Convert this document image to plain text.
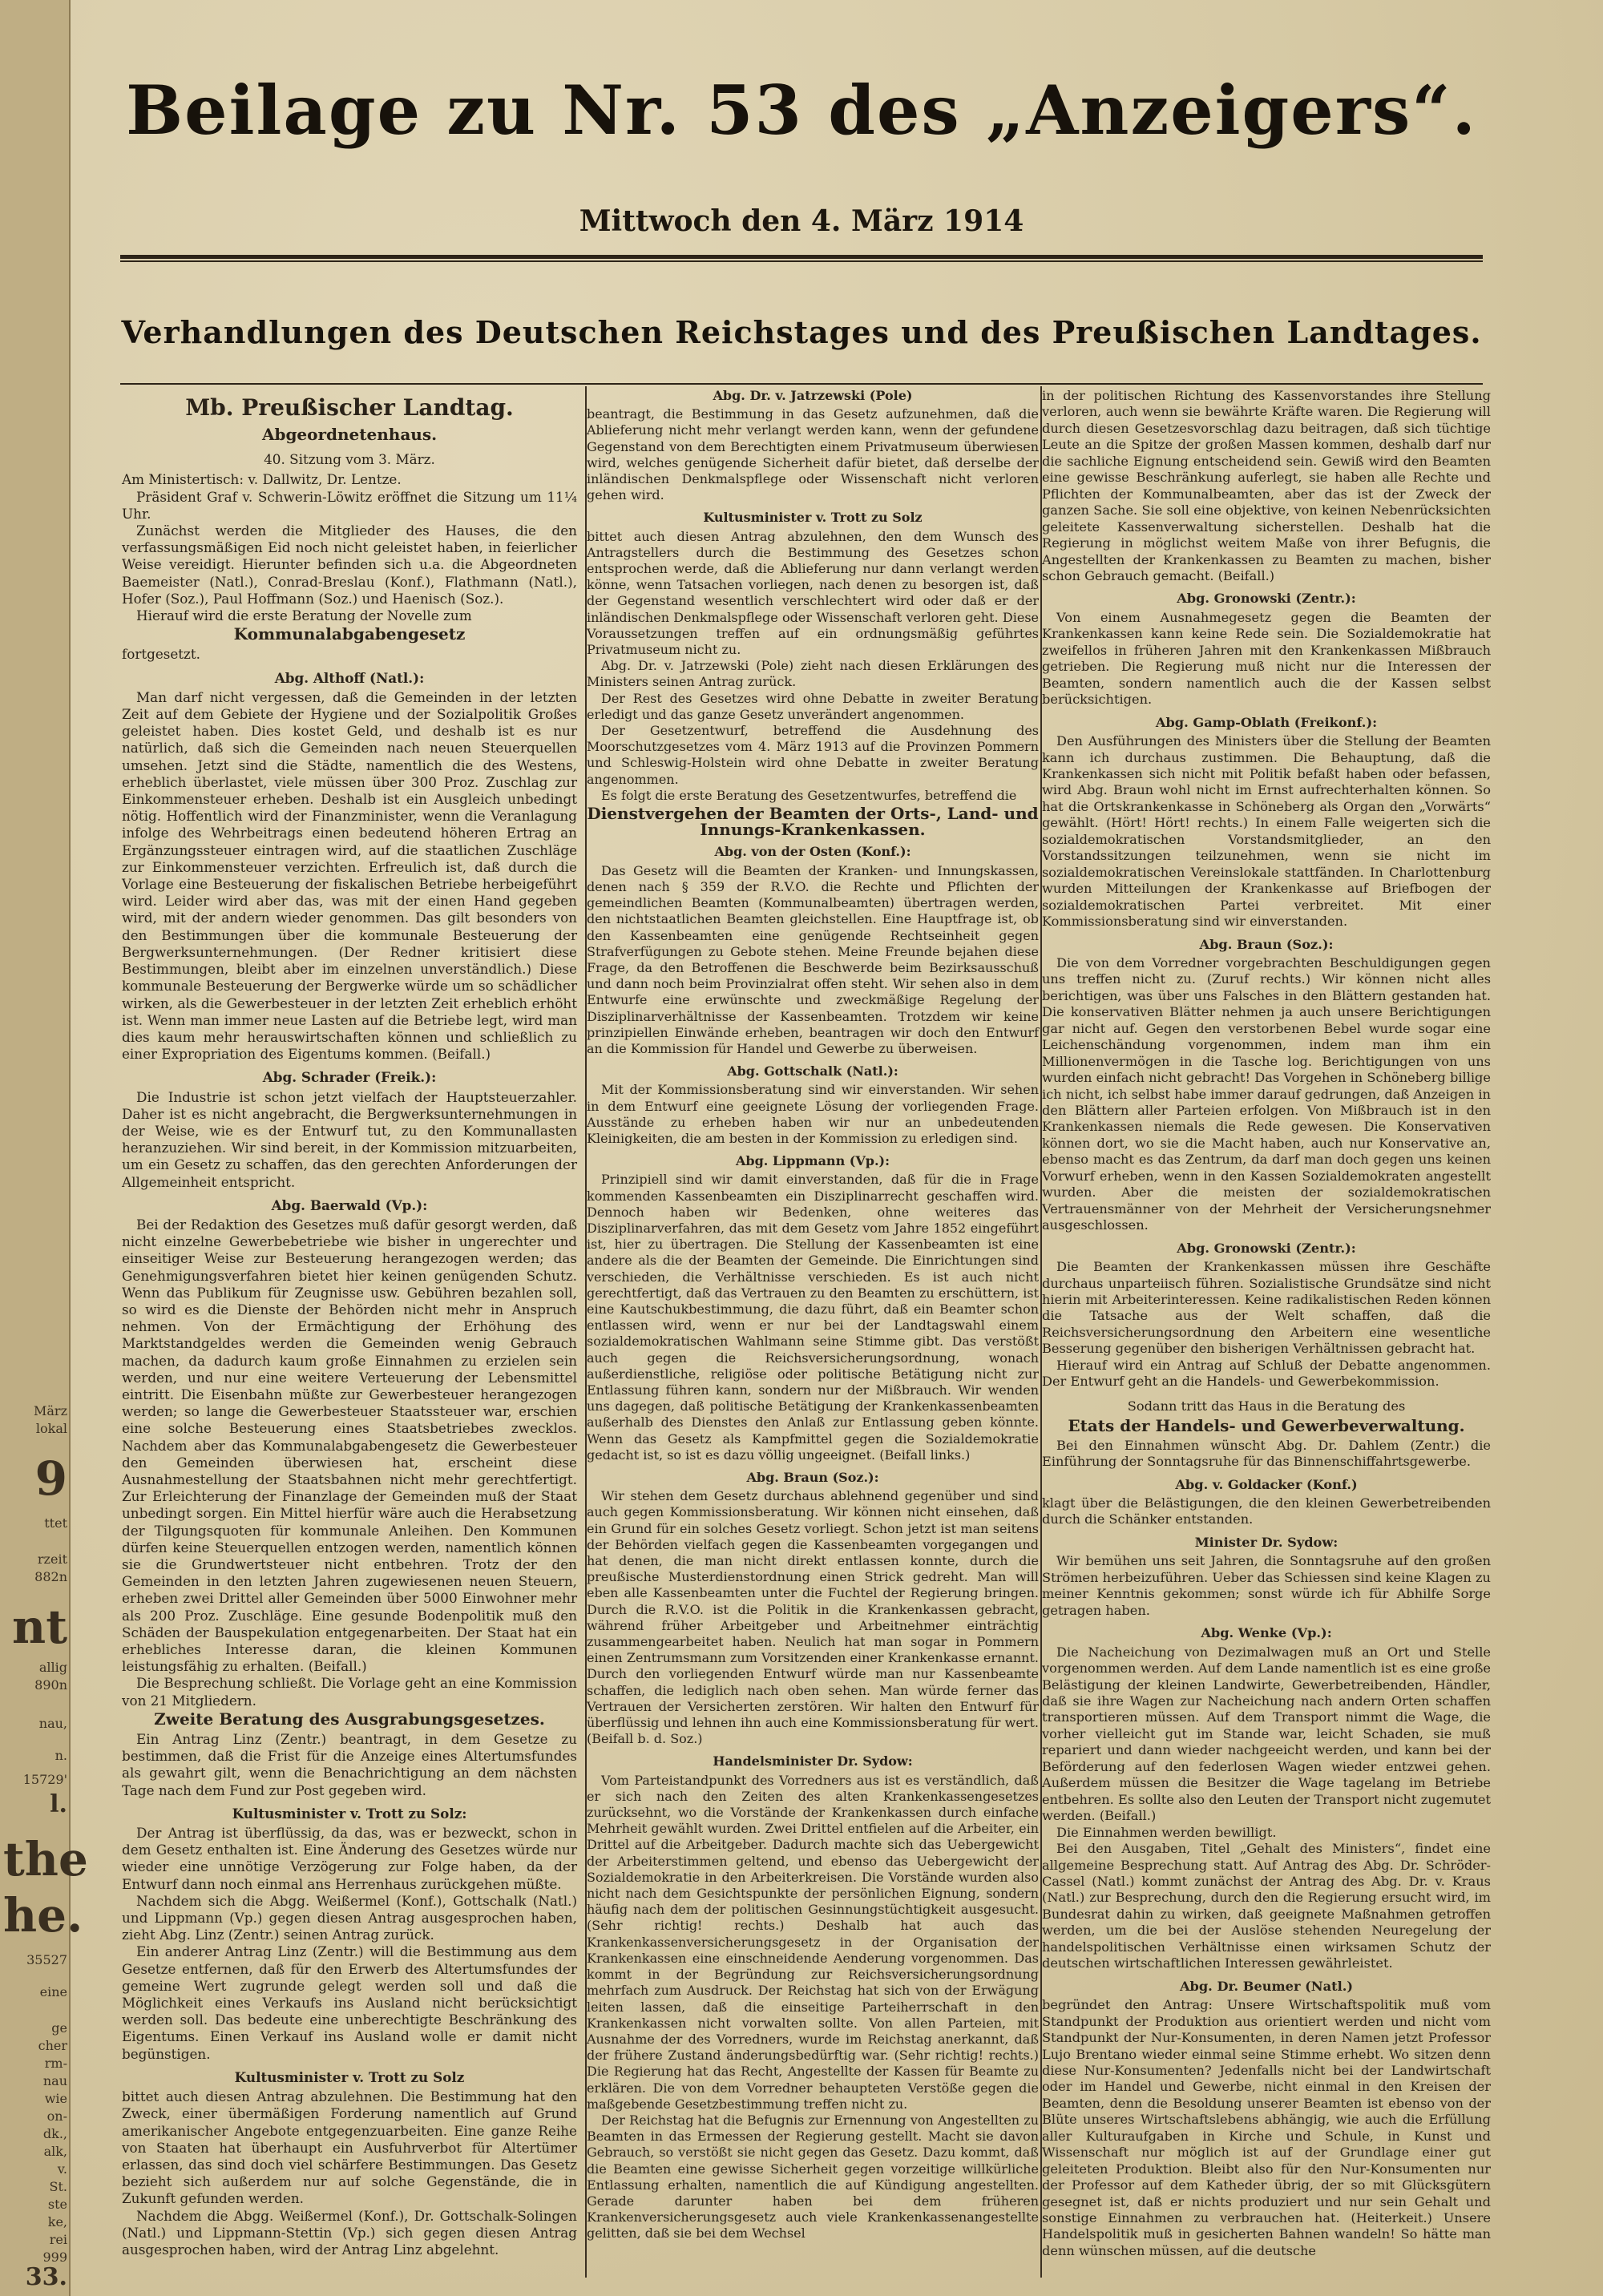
März
lokal
9
ttet
rzeit
882n
nt
allig
890n
nau,
n.
15729'
l.
the
he.
35527
eine
ge
cher
rm-
nau
wie
on-
dk.,
alk,
v.
St.
ste
ke,
rei
999
33.
Beilage zu Nr. 53 des „Anzeigers“.
Mittwoch den 4. März 1914
Verhandlungen des Deutschen Reichstages und des Preußischen Landtages.

Mb. Preußischer Landtag.

Abgeordnetenhaus.

40. Sitzung vom 3. März.

Am Ministertisch: v. Dallwitz, Dr. Lentze.

Präsident Graf v. Schwerin-Löwitz eröffnet die Sitzung um 11¼ Uhr.

Zunächst werden die Mitglieder des Hauses, die den verfassungsmäßigen Eid noch nicht geleistet haben, in feierlicher Weise vereidigt. Hierunter befinden sich u.a. die Abgeordneten Baemeister (Natl.), Conrad-Breslau (Konf.), Flathmann (Natl.), Hofer (Soz.), Paul Hoffmann (Soz.) und Haenisch (Soz.).

Hierauf wird die erste Beratung der Novelle zum

Kommunalabgabengesetz

fortgesetzt.

Abg. Althoff (Natl.):

Man darf nicht vergessen, daß die Gemeinden in der letzten Zeit auf dem Gebiete der Hygiene und der Sozialpolitik Großes geleistet haben. Dies kostet Geld, und deshalb ist es nur natürlich, daß sich die Gemeinden nach neuen Steuerquellen umsehen. Jetzt sind die Städte, namentlich die des Westens, erheblich überlastet, viele müssen über 300 Proz. Zuschlag zur Einkommensteuer erheben. Deshalb ist ein Ausgleich unbedingt nötig. Hoffentlich wird der Finanzminister, wenn die Veranlagung infolge des Wehrbeitrags einen bedeutend höheren Ertrag an Ergänzungssteuer eintragen wird, auf die staatlichen Zuschläge zur Einkommensteuer verzichten. Erfreulich ist, daß durch die Vorlage eine Besteuerung der fiskalischen Betriebe herbeigeführt wird. Leider wird aber das, was mit der einen Hand gegeben wird, mit der andern wieder genommen. Das gilt besonders von den Bestimmungen über die kommunale Besteuerung der Bergwerksunternehmungen. (Der Redner kritisiert diese Bestimmungen, bleibt aber im einzelnen unverständlich.) Diese kommunale Besteuerung der Bergwerke würde um so schädlicher wirken, als die Gewerbesteuer in der letzten Zeit erheblich erhöht ist. Wenn man immer neue Lasten auf die Betriebe legt, wird man dies kaum mehr herauswirtschaften können und schließlich zu einer Expropriation des Eigentums kommen. (Beifall.)

Abg. Schrader (Freik.):

Die Industrie ist schon jetzt vielfach der Hauptsteuerzahler. Daher ist es nicht angebracht, die Bergwerksunternehmungen in der Weise, wie es der Entwurf tut, zu den Kommunallasten heranzuziehen. Wir sind bereit, in der Kommission mitzuarbeiten, um ein Gesetz zu schaffen, das den gerechten Anforderungen der Allgemeinheit entspricht.

Abg. Baerwald (Vp.):

Bei der Redaktion des Gesetzes muß dafür gesorgt werden, daß nicht einzelne Gewerbebetriebe wie bisher in ungerechter und einseitiger Weise zur Besteuerung herangezogen werden; das Genehmigungsverfahren bietet hier keinen genügenden Schutz. Wenn das Publikum für Zeugnisse usw. Gebühren bezahlen soll, so wird es die Dienste der Behörden nicht mehr in Anspruch nehmen. Von der Ermächtigung der Erhöhung des Marktstandgeldes werden die Gemeinden wenig Gebrauch machen, da dadurch kaum große Einnahmen zu erzielen sein werden, und nur eine weitere Verteuerung der Lebensmittel eintritt. Die Eisenbahn müßte zur Gewerbesteuer herangezogen werden; so lange die Gewerbesteuer Staatssteuer war, erschien eine solche Besteuerung eines Staatsbetriebes zwecklos. Nachdem aber das Kommunalabgabengesetz die Gewerbesteuer den Gemeinden überwiesen hat, erscheint diese Ausnahmestellung der Staatsbahnen nicht mehr gerechtfertigt. Zur Erleichterung der Finanzlage der Gemeinden muß der Staat unbedingt sorgen. Ein Mittel hierfür wäre auch die Herabsetzung der Tilgungsquoten für kommunale Anleihen. Den Kommunen dürfen keine Steuerquellen entzogen werden, namentlich können sie die Grundwertsteuer nicht entbehren. Trotz der den Gemeinden in den letzten Jahren zugewiesenen neuen Steuern, erheben zwei Drittel aller Gemeinden über 5000 Einwohner mehr als 200 Proz. Zuschläge. Eine gesunde Bodenpolitik muß den Schäden der Bauspekulation entgegenarbeiten. Der Staat hat ein erhebliches Interesse daran, die kleinen Kommunen leistungsfähig zu erhalten. (Beifall.)

Die Besprechung schließt. Die Vorlage geht an eine Kommission von 21 Mitgliedern.

Zweite Beratung des Ausgrabungsgesetzes.

Ein Antrag Linz (Zentr.) beantragt, in dem Gesetze zu bestimmen, daß die Frist für die Anzeige eines Altertumsfundes als gewahrt gilt, wenn die Benachrichtigung an dem nächsten Tage nach dem Fund zur Post gegeben wird.

Kultusminister v. Trott zu Solz:

Der Antrag ist überflüssig, da das, was er bezweckt, schon in dem Gesetz enthalten ist. Eine Änderung des Gesetzes würde nur wieder eine unnötige Verzögerung zur Folge haben, da der Entwurf dann noch einmal ans Herrenhaus zurückgehen müßte.

Nachdem sich die Abgg. Weißermel (Konf.), Gottschalk (Natl.) und Lippmann (Vp.) gegen diesen Antrag ausgesprochen haben, zieht Abg. Linz (Zentr.) seinen Antrag zurück.

Ein anderer Antrag Linz (Zentr.) will die Bestimmung aus dem Gesetze entfernen, daß für den Erwerb des Altertumsfundes der gemeine Wert zugrunde gelegt werden soll und daß die Möglichkeit eines Verkaufs ins Ausland nicht berücksichtigt werden soll. Das bedeute eine unberechtigte Beschränkung des Eigentums. Einen Verkauf ins Ausland wolle er damit nicht begünstigen.

Kultusminister v. Trott zu Solz

bittet auch diesen Antrag abzulehnen. Die Bestimmung hat den Zweck, einer übermäßigen Forderung namentlich auf Grund amerikanischer Angebote entgegenzuarbeiten. Eine ganze Reihe von Staaten hat überhaupt ein Ausfuhrverbot für Altertümer erlassen, das sind doch viel schärfere Bestimmungen. Das Gesetz bezieht sich außerdem nur auf solche Gegenstände, die in Zukunft gefunden werden.

Nachdem die Abgg. Weißermel (Konf.), Dr. Gottschalk-Solingen (Natl.) und Lippmann-Stettin (Vp.) sich gegen diesen Antrag ausgesprochen haben, wird der Antrag Linz abgelehnt.

Abg. Dr. v. Jatrzewski (Pole)

beantragt, die Bestimmung in das Gesetz aufzunehmen, daß die Ablieferung nicht mehr verlangt werden kann, wenn der gefundene Gegenstand von dem Berechtigten einem Privatmuseum überwiesen wird, welches genügende Sicherheit dafür bietet, daß derselbe der inländischen Denkmalspflege oder Wissenschaft nicht verloren gehen wird.

Kultusminister v. Trott zu Solz

bittet auch diesen Antrag abzulehnen, den dem Wunsch des Antragstellers durch die Bestimmung des Gesetzes schon entsprochen werde, daß die Ablieferung nur dann verlangt werden könne, wenn Tatsachen vorliegen, nach denen zu besorgen ist, daß der Gegenstand wesentlich verschlechtert wird oder daß er der inländischen Denkmalspflege oder Wissenschaft verloren geht. Diese Voraussetzungen treffen auf ein ordnungsmäßig geführtes Privatmuseum nicht zu.

Abg. Dr. v. Jatrzewski (Pole) zieht nach diesen Erklärungen des Ministers seinen Antrag zurück.

Der Rest des Gesetzes wird ohne Debatte in zweiter Beratung erledigt und das ganze Gesetz unverändert angenommen.

Der Gesetzentwurf, betreffend die Ausdehnung des Moorschutzgesetzes vom 4. März 1913 auf die Provinzen Pommern und Schleswig-Holstein wird ohne Debatte in zweiter Beratung angenommen.

Es folgt die erste Beratung des Gesetzentwurfes, betreffend die

Dienstvergehen der Beamten der Orts-, Land- und Innungs-Krankenkassen.

Abg. von der Osten (Konf.):

Das Gesetz will die Beamten der Kranken- und Innungskassen, denen nach § 359 der R.V.O. die Rechte und Pflichten der gemeindlichen Beamten (Kommunalbeamten) übertragen werden, den nichtstaatlichen Beamten gleichstellen. Eine Hauptfrage ist, ob den Kassenbeamten eine genügende Rechtseinheit gegen Strafverfügungen zu Gebote stehen. Meine Freunde bejahen diese Frage, da den Betroffenen die Beschwerde beim Bezirksausschuß und dann noch beim Provinzialrat offen steht. Wir sehen also in dem Entwurfe eine erwünschte und zweckmäßige Regelung der Disziplinarverhältnisse der Kassenbeamten. Trotzdem wir keine prinzipiellen Einwände erheben, beantragen wir doch den Entwurf an die Kommission für Handel und Gewerbe zu überweisen.

Abg. Gottschalk (Natl.):

Mit der Kommissionsberatung sind wir einverstanden. Wir sehen in dem Entwurf eine geeignete Lösung der vorliegenden Frage. Ausstände zu erheben haben wir nur an unbedeutenden Kleinigkeiten, die am besten in der Kommission zu erledigen sind.

Abg. Lippmann (Vp.):

Prinzipiell sind wir damit einverstanden, daß für die in Frage kommenden Kassenbeamten ein Disziplinarrecht geschaffen wird. Dennoch haben wir Bedenken, ohne weiteres das Disziplinarverfahren, das mit dem Gesetz vom Jahre 1852 eingeführt ist, hier zu übertragen. Die Stellung der Kassenbeamten ist eine andere als die der Beamten der Gemeinde. Die Einrichtungen sind verschieden, die Verhältnisse verschieden. Es ist auch nicht gerechtfertigt, daß das Vertrauen zu den Beamten zu erschüttern, ist eine Kautschukbestimmung, die dazu führt, daß ein Beamter schon entlassen wird, wenn er nur bei der Landtagswahl einem sozialdemokratischen Wahlmann seine Stimme gibt. Das verstößt auch gegen die Reichsversicherungsordnung, wonach außerdienstliche, religiöse oder politische Betätigung nicht zur Entlassung führen kann, sondern nur der Mißbrauch. Wir wenden uns dagegen, daß politische Betätigung der Krankenkassenbeamten außerhalb des Dienstes den Anlaß zur Entlassung geben könnte. Wenn das Gesetz als Kampfmittel gegen die Sozialdemokratie gedacht ist, so ist es dazu völlig ungeeignet. (Beifall links.)

Abg. Braun (Soz.):

Wir stehen dem Gesetz durchaus ablehnend gegenüber und sind auch gegen Kommissionsberatung. Wir können nicht einsehen, daß ein Grund für ein solches Gesetz vorliegt. Schon jetzt ist man seitens der Behörden vielfach gegen die Kassenbeamten vorgegangen und hat denen, die man nicht direkt entlassen konnte, durch die preußische Musterdienstordnung einen Strick gedreht. Man will eben alle Kassenbeamten unter die Fuchtel der Regierung bringen. Durch die R.V.O. ist die Politik in die Krankenkassen gebracht, während früher Arbeitgeber und Arbeitnehmer einträchtig zusammengearbeitet haben. Neulich hat man sogar in Pommern einen Zentrumsmann zum Vorsitzenden einer Krankenkasse ernannt. Durch den vorliegenden Entwurf würde man nur Kassenbeamte schaffen, die lediglich nach oben sehen. Man würde ferner das Vertrauen der Versicherten zerstören. Wir halten den Entwurf für überflüssig und lehnen ihn auch eine Kommissionsberatung für wert. (Beifall b. d. Soz.)

Handelsminister Dr. Sydow:

Vom Parteistandpunkt des Vorredners aus ist es verständlich, daß er sich nach den Zeiten des alten Krankenkassengesetzes zurücksehnt, wo die Vorstände der Krankenkassen durch einfache Mehrheit gewählt wurden. Zwei Drittel entfielen auf die Arbeiter, ein Drittel auf die Arbeitgeber. Dadurch machte sich das Uebergewicht der Arbeiterstimmen geltend, und ebenso das Uebergewicht der Sozialdemokratie in den Arbeiterkreisen. Die Vorstände wurden also nicht nach dem Gesichtspunkte der persönlichen Eignung, sondern häufig nach dem der politischen Gesinnungstüchtigkeit ausgesucht. (Sehr richtig! rechts.) Deshalb hat auch das Krankenkassenversicherungsgesetz in der Organisation der Krankenkassen eine einschneidende Aenderung vorgenommen. Das kommt in der Begründung zur Reichsversicherungsordnung mehrfach zum Ausdruck. Der Reichstag hat sich von der Erwägung leiten lassen, daß die einseitige Parteiherrschaft in den Krankenkassen nicht vorwalten sollte. Von allen Parteien, mit Ausnahme der des Vorredners, wurde im Reichstag anerkannt, daß der frühere Zustand änderungsbedürftig war. (Sehr richtig! rechts.) Die Regierung hat das Recht, Angestellte der Kassen für Beamte zu erklären. Die von dem Vorredner behaupteten Verstöße gegen die maßgebende Gesetzbestimmung treffen nicht zu.

Der Reichstag hat die Befugnis zur Ernennung von Angestellten zu Beamten in das Ermessen der Regierung gestellt. Macht sie davon Gebrauch, so verstößt sie nicht gegen das Gesetz. Dazu kommt, daß die Beamten eine gewisse Sicherheit gegen vorzeitige willkürliche Entlassung erhalten, namentlich die auf Kündigung angestellten. Gerade darunter haben bei dem früheren Krankenversicherungsgesetz auch viele Krankenkassenangestellte gelitten, daß sie bei dem Wechsel

in der politischen Richtung des Kassenvorstandes ihre Stellung verloren, auch wenn sie bewährte Kräfte waren. Die Regierung will durch diesen Gesetzesvorschlag dazu beitragen, daß sich tüchtige Leute an die Spitze der großen Massen kommen, deshalb darf nur die sachliche Eignung entscheidend sein. Gewiß wird den Beamten eine gewisse Beschränkung auferlegt, sie haben alle Rechte und Pflichten der Kommunalbeamten, aber das ist der Zweck der ganzen Sache. Sie soll eine objektive, von keinen Nebenrücksichten geleitete Kassenverwaltung sicherstellen. Deshalb hat die Regierung in möglichst weitem Maße von ihrer Befugnis, die Angestellten der Krankenkassen zu Beamten zu machen, bisher schon Gebrauch gemacht. (Beifall.)

Abg. Gronowski (Zentr.):

Von einem Ausnahmegesetz gegen die Beamten der Krankenkassen kann keine Rede sein. Die Sozialdemokratie hat zweifellos in früheren Jahren mit den Krankenkassen Mißbrauch getrieben. Die Regierung muß nicht nur die Interessen der Beamten, sondern namentlich auch die der Kassen selbst berücksichtigen.

Abg. Gamp-Oblath (Freikonf.):

Den Ausführungen des Ministers über die Stellung der Beamten kann ich durchaus zustimmen. Die Behauptung, daß die Krankenkassen sich nicht mit Politik befaßt haben oder befassen, wird Abg. Braun wohl nicht im Ernst aufrechterhalten können. So hat die Ortskrankenkasse in Schöneberg als Organ den „Vorwärts“ gewählt. (Hört! Hört! rechts.) In einem Falle weigerten sich die sozialdemokratischen Vorstandsmitglieder, an den Vorstandssitzungen teilzunehmen, wenn sie nicht im sozialdemokratischen Vereinslokale stattfänden. In Charlottenburg wurden Mitteilungen der Krankenkasse auf Briefbogen der sozialdemokratischen Partei verbreitet. Mit einer Kommissionsberatung sind wir einverstanden.

Abg. Braun (Soz.):

Die von dem Vorredner vorgebrachten Beschuldigungen gegen uns treffen nicht zu. (Zuruf rechts.) Wir können nicht alles berichtigen, was über uns Falsches in den Blättern gestanden hat. Die konservativen Blätter nehmen ja auch unsere Berichtigungen gar nicht auf. Gegen den verstorbenen Bebel wurde sogar eine Leichenschändung vorgenommen, indem man ihm ein Millionenvermögen in die Tasche log. Berichtigungen von uns wurden einfach nicht gebracht! Das Vorgehen in Schöneberg billige ich nicht, ich selbst habe immer darauf gedrungen, daß Anzeigen in den Blättern aller Parteien erfolgen. Von Mißbrauch ist in den Krankenkassen niemals die Rede gewesen. Die Konservativen können dort, wo sie die Macht haben, auch nur Konservative an, ebenso macht es das Zentrum, da darf man doch gegen uns keinen Vorwurf erheben, wenn in den Kassen Sozialdemokraten angestellt wurden. Aber die meisten der sozialdemokratischen Vertrauensmänner von der Mehrheit der Versicherungsnehmer ausgeschlossen.

Abg. Gronowski (Zentr.):

Die Beamten der Krankenkassen müssen ihre Geschäfte durchaus unparteiisch führen. Sozialistische Grundsätze sind nicht hierin mit Arbeiterinteressen. Keine radikalistischen Reden können die Tatsache aus der Welt schaffen, daß die Reichsversicherungsordnung den Arbeitern eine wesentliche Besserung gegenüber den bisherigen Verhältnissen gebracht hat.

Hierauf wird ein Antrag auf Schluß der Debatte angenommen. Der Entwurf geht an die Handels- und Gewerbekommission.

Sodann tritt das Haus in die Beratung des

Etats der Handels- und Gewerbeverwaltung.

Bei den Einnahmen wünscht Abg. Dr. Dahlem (Zentr.) die Einführung der Sonntagsruhe für das Binnenschiffahrtsgewerbe.

Abg. v. Goldacker (Konf.)

klagt über die Belästigungen, die den kleinen Gewerbetreibenden durch die Schänker entstanden.

Minister Dr. Sydow:

Wir bemühen uns seit Jahren, die Sonntagsruhe auf den großen Strömen herbeizuführen. Ueber das Schiessen sind keine Klagen zu meiner Kenntnis gekommen; sonst würde ich für Abhilfe Sorge getragen haben.

Abg. Wenke (Vp.):

Die Nacheichung von Dezimalwagen muß an Ort und Stelle vorgenommen werden. Auf dem Lande namentlich ist es eine große Belästigung der kleinen Landwirte, Gewerbetreibenden, Händler, daß sie ihre Wagen zur Nacheichung nach andern Orten schaffen transportieren müssen. Auf dem Transport nimmt die Wage, die vorher vielleicht gut im Stande war, leicht Schaden, sie muß repariert und dann wieder nachgeeicht werden, und kann bei der Beförderung auf den federlosen Wagen wieder entzwei gehen. Außerdem müssen die Besitzer die Wage tagelang im Betriebe entbehren. Es sollte also den Leuten der Transport nicht zugemutet werden. (Beifall.)

Die Einnahmen werden bewilligt.

Bei den Ausgaben, Titel „Gehalt des Ministers“, findet eine allgemeine Besprechung statt. Auf Antrag des Abg. Dr. Schröder-Cassel (Natl.) kommt zunächst der Antrag des Abg. Dr. v. Kraus (Natl.) zur Besprechung, durch den die Regierung ersucht wird, im Bundesrat dahin zu wirken, daß geeignete Maßnahmen getroffen werden, um die bei der Auslöse stehenden Neuregelung der handelspolitischen Verhältnisse einen wirksamen Schutz der deutschen wirtschaftlichen Interessen gewährleistet.

Abg. Dr. Beumer (Natl.)

begründet den Antrag: Unsere Wirtschaftspolitik muß vom Standpunkt der Produktion aus orientiert werden und nicht vom Standpunkt der Nur-Konsumenten, in deren Namen jetzt Professor Lujo Brentano wieder einmal seine Stimme erhebt. Wo sitzen denn diese Nur-Konsumenten? Jedenfalls nicht bei der Landwirtschaft oder im Handel und Gewerbe, nicht einmal in den Kreisen der Beamten, denn die Besoldung unserer Beamten ist ebenso von der Blüte unseres Wirtschaftslebens abhängig, wie auch die Erfüllung aller Kulturaufgaben in Kirche und Schule, in Kunst und Wissenschaft nur möglich ist auf der Grundlage einer gut geleiteten Produktion. Bleibt also für den Nur-Konsumenten nur der Professor auf dem Katheder übrig, der so mit Glücksgütern gesegnet ist, daß er nichts produziert und nur sein Gehalt und sonstige Einnahmen zu verbrauchen hat. (Heiterkeit.) Unsere Handelspolitik muß in gesicherten Bahnen wandeln! So hätte man denn wünschen müssen, auf die deutsche
